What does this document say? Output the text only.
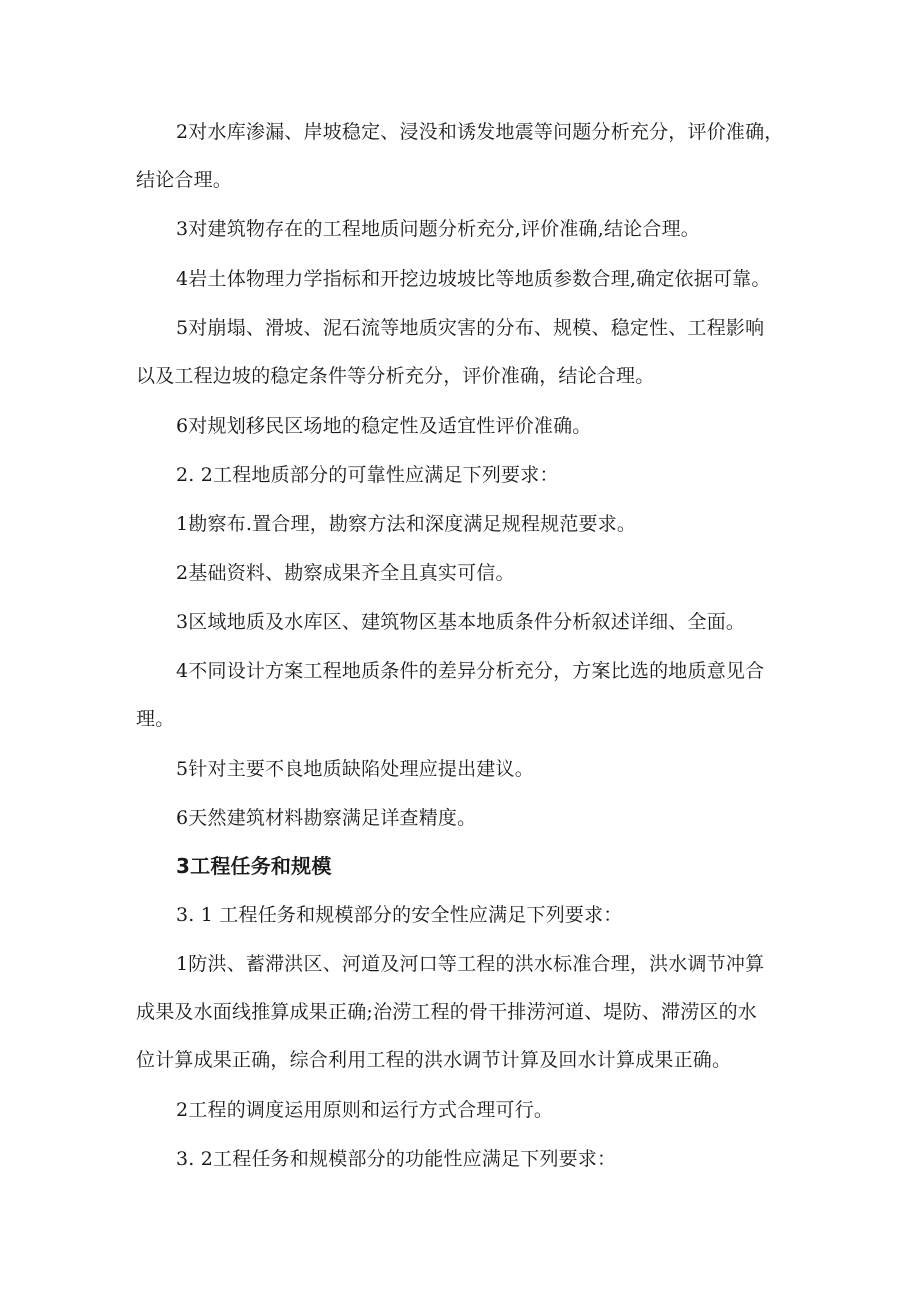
2对水库渗漏、岸坡稳定、浸没和诱发地震等问题分析充分，评价准确，
结论合理。
3对建筑物存在的工程地质问题分析充分,评价准确,结论合理。
4岩土体物理力学指标和开挖边坡坡比等地质参数合理,确定依据可靠。
5对崩塌、滑坡、泥石流等地质灾害的分布、规模、稳定性、工程影响
以及工程边坡的稳定条件等分析充分，评价准确，结论合理。
6对规划移民区场地的稳定性及适宜性评价准确。
2. 2工程地质部分的可靠性应满足下列要求：
1勘察布.置合理，勘察方法和深度满足规程规范要求。
2基础资料、勘察成果齐全且真实可信。
3区域地质及水库区、建筑物区基本地质条件分析叙述详细、全面。
4不同设计方案工程地质条件的差异分析充分，方案比选的地质意见合
理。
5针对主要不良地质缺陷处理应提出建议。
6天然建筑材料勘察满足详查精度。
3工程任务和规模
3. 1 工程任务和规模部分的安全性应满足下列要求：
1防洪、蓄滞洪区、河道及河口等工程的洪水标准合理，洪水调节冲算
成果及水面线推算成果正确;治涝工程的骨干排涝河道、堤防、滞涝区的水
位计算成果正确，综合利用工程的洪水调节计算及回水计算成果正确。
2工程的调度运用原则和运行方式合理可行。
3. 2工程任务和规模部分的功能性应满足下列要求：
